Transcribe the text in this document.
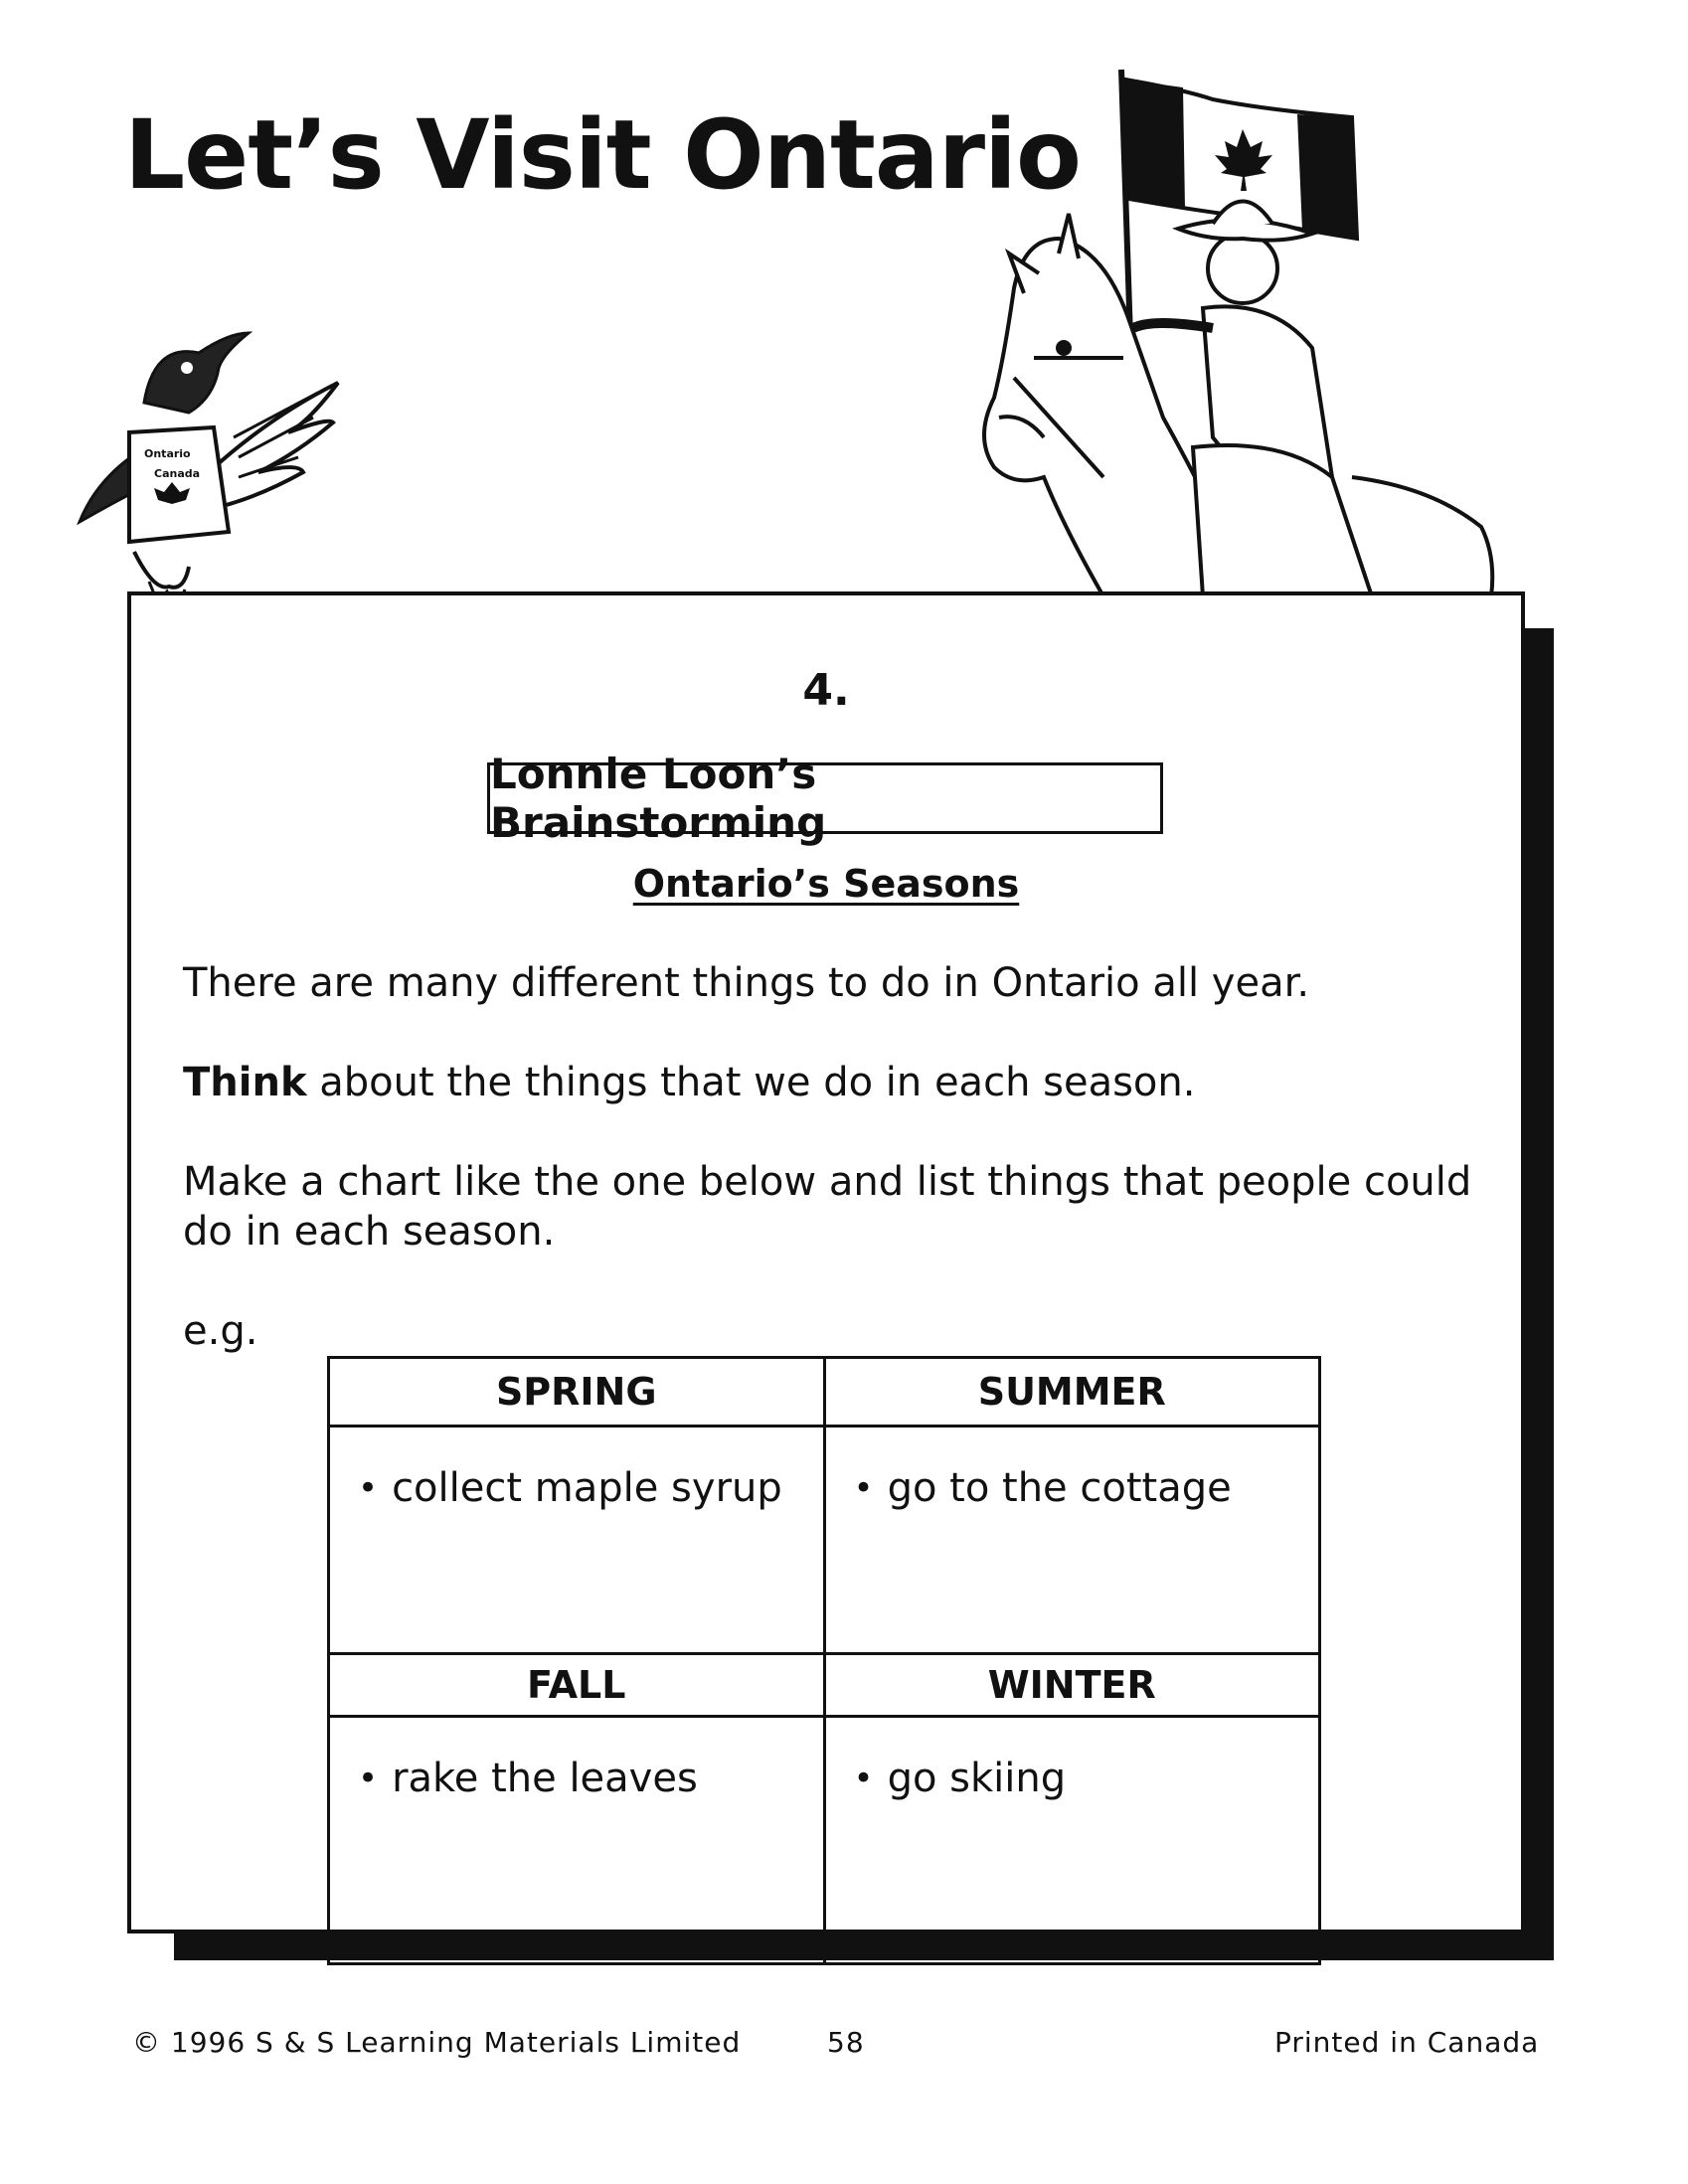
Let’s Visit Ontario
Ontario
Canada
4.
Lonnie Loon’s Brainstorming
Ontario’s Seasons

There are many different things to do in Ontario all year.

Think about the things that we do in each season.

Make a chart like the one below and list things that people could do in each season.

e.g.

SPRING	SUMMER
• collect maple syrup	• go to the cottage
FALL	WINTER
• rake the leaves	• go skiing
© 1996 S & S Learning Materials Limited	58	Printed in Canada
